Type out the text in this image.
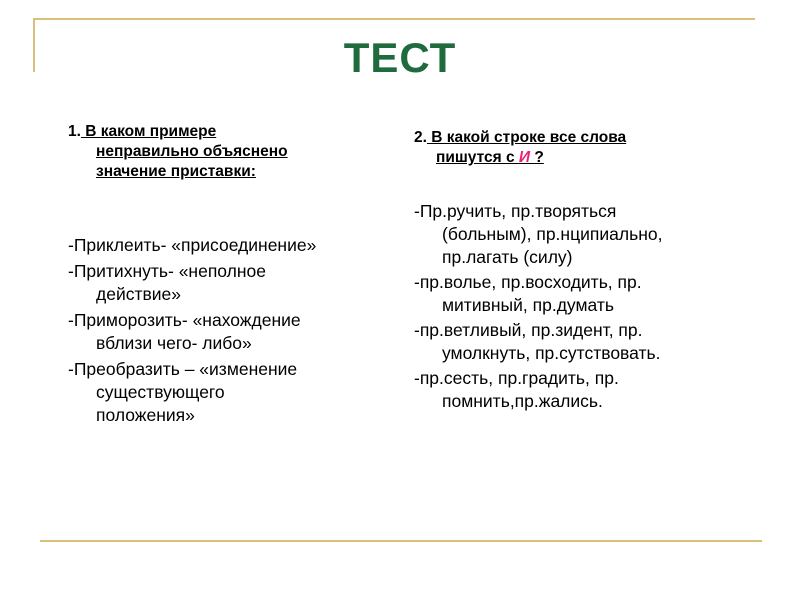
ТЕСТ

1. В каком примере
неправильно объяснено
значение приставки:

-Приклеить- «присоединение»
-Притихнуть- «неполное
действие»
-Приморозить- «нахождение
вблизи чего- либо»
-Преобразить – «изменение
существующего
положения»

2. В какой строке все слова
пишутся с И ?

-Пр.ручить, пр.творяться
(больным), пр.нципиально,
пр.лагать (силу)
-пр.волье, пр.восходить, пр.
митивный, пр.думать
-пр.ветливый, пр.зидент, пр.
умолкнуть, пр.сутствовать.
-пр.сесть, пр.градить, пр.
помнить,пр.жались.
